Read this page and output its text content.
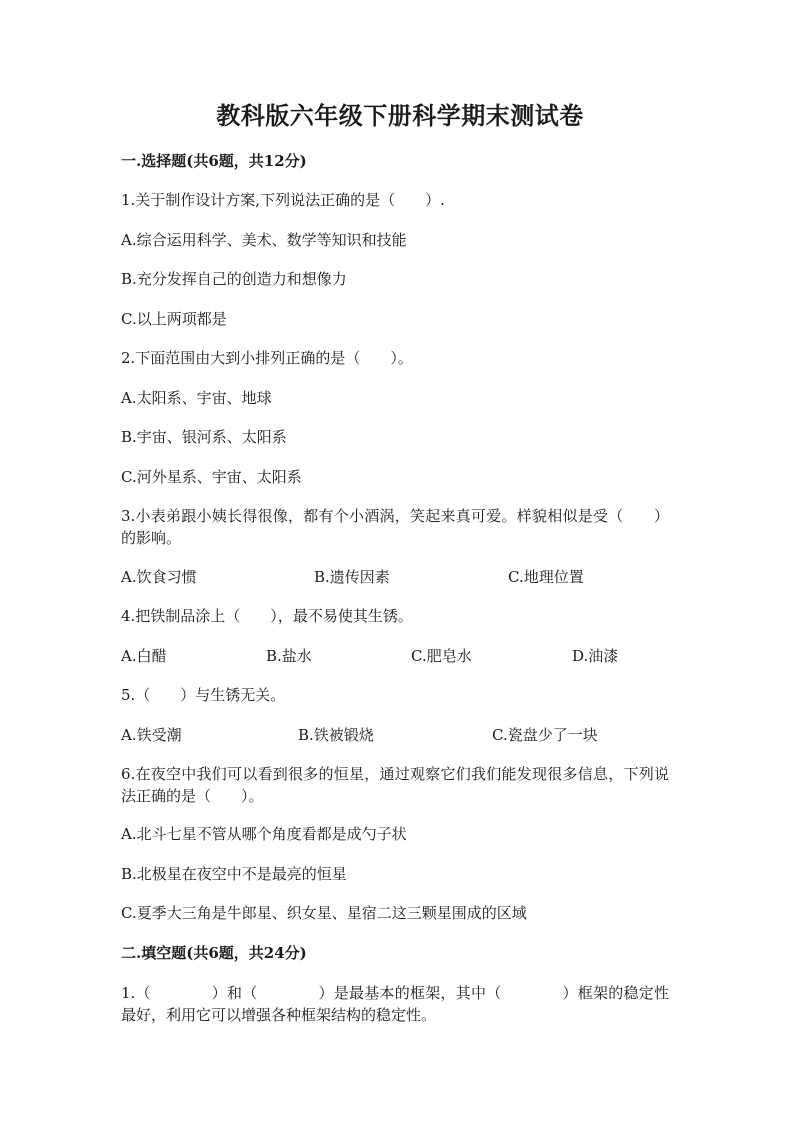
教科版六年级下册科学期末测试卷
一.选择题(共6题，共12分)
1.关于制作设计方案,下列说法正确的是（　　）.
A.综合运用科学、美术、数学等知识和技能
B.充分发挥自己的创造力和想像力
C.以上两项都是
2.下面范围由大到小排列正确的是（　　）。
A.太阳系、宇宙、地球
B.宇宙、银河系、太阳系
C.河外星系、宇宙、太阳系
3.小表弟跟小姨长得很像，都有个小酒涡，笑起来真可爱。样貌相似是受（　　）的影响。
A.饮食习惯	B.遗传因素	C.地理位置
4.把铁制品涂上（　　），最不易使其生锈。
A.白醋	B.盐水	C.肥皂水	D.油漆
5.（　　）与生锈无关。
A.铁受潮	B.铁被锻烧	C.瓷盘少了一块
6.在夜空中我们可以看到很多的恒星，通过观察它们我们能发现很多信息，下列说法正确的是（　　）。
A.北斗七星不管从哪个角度看都是成勺子状
B.北极星在夜空中不是最亮的恒星
C.夏季大三角是牛郎星、织女星、星宿二这三颗星围成的区域
二.填空题(共6题，共24分)
1.（　　　　）和（　　　　）是最基本的框架，其中（　　　　）框架的稳定性最好，利用它可以增强各种框架结构的稳定性。
